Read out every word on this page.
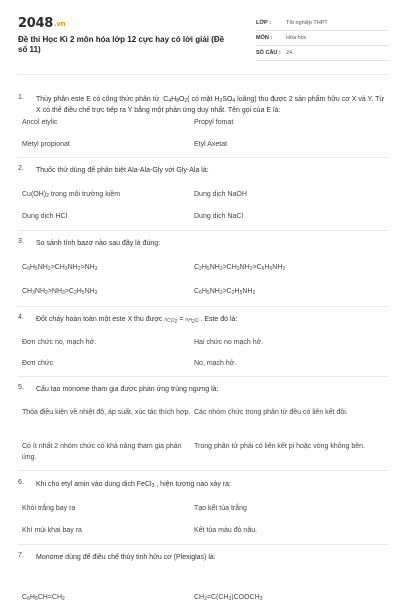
2048.vn
Đề thi Học Kì 2 môn hóa lớp 12 cực hay có lời giải (Đề số 11)
LỚP :	Tốt nghiệp THPT
MÔN :	Hóa học
SỐ CÂU : 24
1. Thủy phân este E có công thức phân tử  $C_4H_8O_2$( có mặt $H_2SO_4$ loãng) thu được 2 sản phẩm hữu cơ X và Y. Từ X có thể điều chế trực tiếp ra Y bằng một phản ứng duy nhất. Tên gọi của E là:
Ancol etylic	Propyl fomat
Metyl propionat	Etyl Axetat
2. Thuốc thử dùng để phân biệt Ala-Ala-Gly với Gly-Ala là:
$Cu(OH)_2$ trong môi trường kiềm	Dung dịch NaOH
Dung dịch HCl	Dung dịch NaCl
3. So sánh tính bazơ nào sau đây là đúng:
$C_6H_5NH_2>CH_3NH_2>NH_3$	$C_2H_5NH_2>CH_3NH_2>C_6H_5NH_2$
$CH_3NH_2>NH_3>C_2H_5NH_2$	$C_6H_5NH_2>C_2H_5NH_2$
4. Đốt cháy hoàn toàn một este X thu được $n_{CO_2} = n_{H_2O}$ . Este đó là:
Đơn chức no, mạch hở.	Hai chức no mạch hở.
Đơn chức	No, mạch hở.
5. Cấu tạo monome tham gia được phản ứng trùng ngưng là:
Thỏa điều kiện về nhiệt độ, áp suất, xúc tác thích hợp. Các nhóm chức trong phân tử đều có liên kết đôi.
Có ít nhất 2 nhóm chức có khả năng tham gia phản ứng.
Trong phân tử phải có liên kết pi hoặc vòng không bền.
6. Khi cho etyl amin vào dung dịch FeCl$_3$ , hiện tượng nào xảy ra:
Khói trắng bay ra	Tạo kết tủa trắng
Khí mùi khai bay ra	Kết tủa màu đỏ nâu.
7. Monome dùng để điều chế thủy tinh hữu cơ (Plexiglas) là:
$C_6H_5CH=CH_2$	$CH_2=C(CH_3)COOCH_3$
